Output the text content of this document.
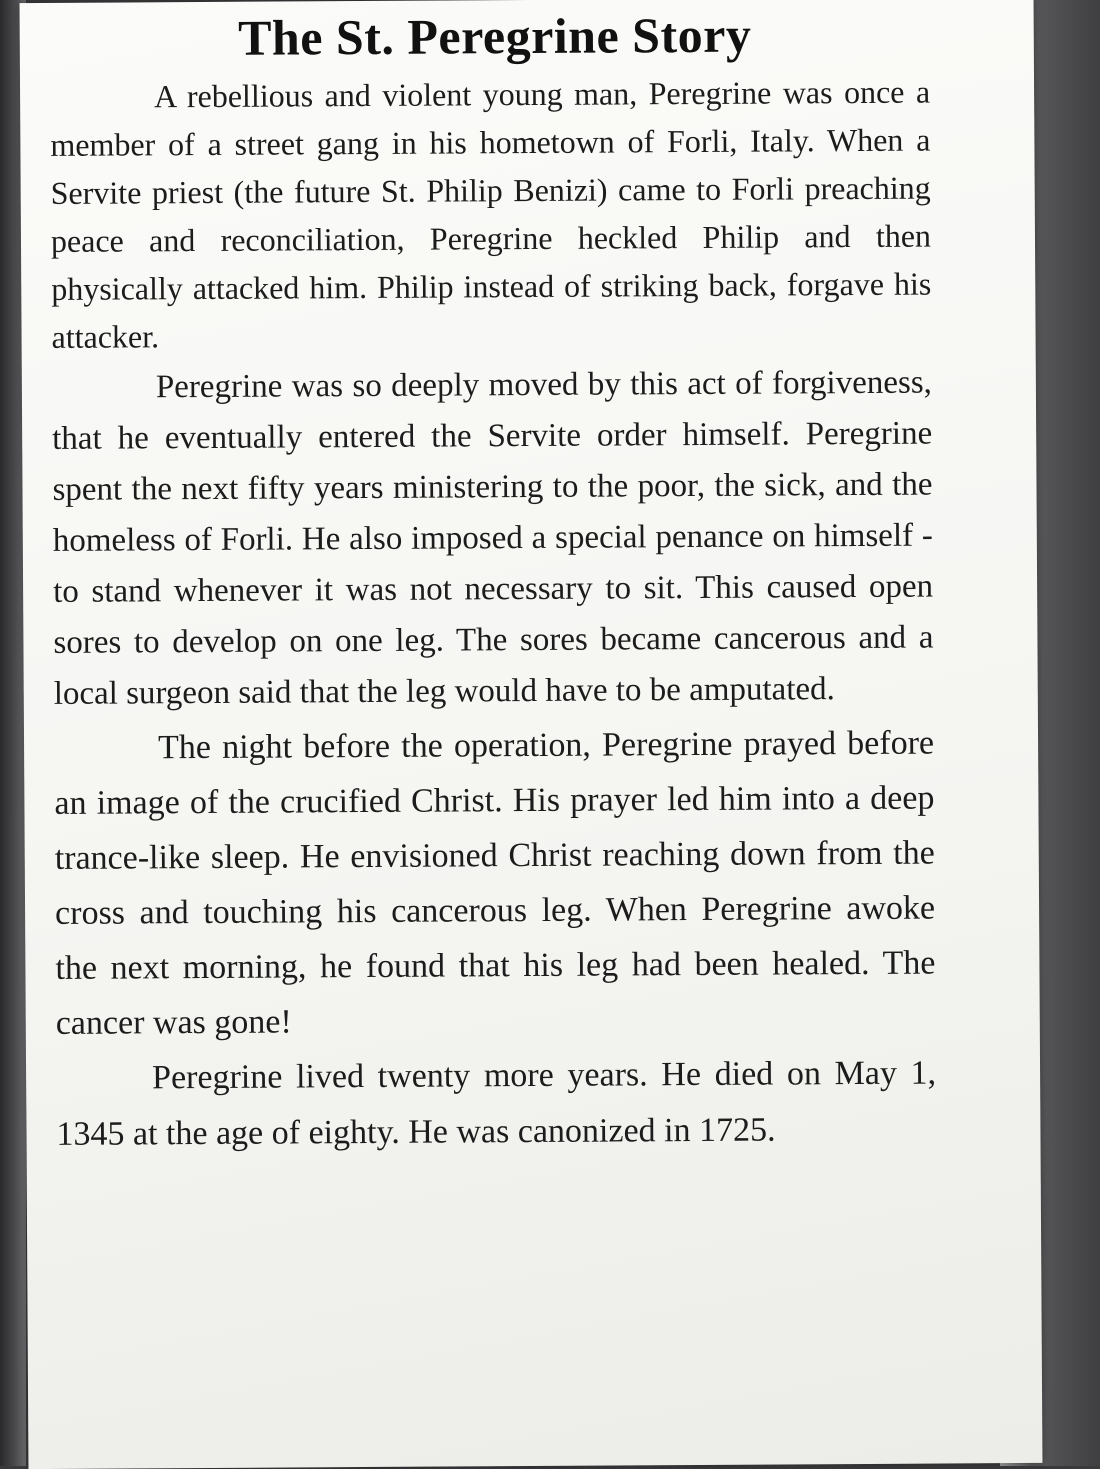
The St. Peregrine Story

A rebellious and violent young man, Peregrine was once a member of a street gang in his hometown of Forli, Italy. When a Servite priest (the future St. Philip Benizi) came to Forli preaching peace and reconciliation, Peregrine heckled Philip and then physically attacked him. Philip instead of striking back, forgave his attacker.

Peregrine was so deeply moved by this act of forgiveness, that he eventually entered the Servite order himself. Peregrine spent the next fifty years ministering to the poor, the sick, and the homeless of Forli. He also imposed a special penance on himself - to stand whenever it was not necessary to sit. This caused open sores to develop on one leg. The sores became cancerous and a local surgeon said that the leg would have to be amputated.

The night before the operation, Peregrine prayed before an image of the crucified Christ. His prayer led him into a deep trance-like sleep. He envisioned Christ reaching down from the cross and touching his cancerous leg. When Peregrine awoke the next morning, he found that his leg had been healed. The cancer was gone!

Peregrine lived twenty more years. He died on May 1, 1345 at the age of eighty. He was canonized in 1725.
